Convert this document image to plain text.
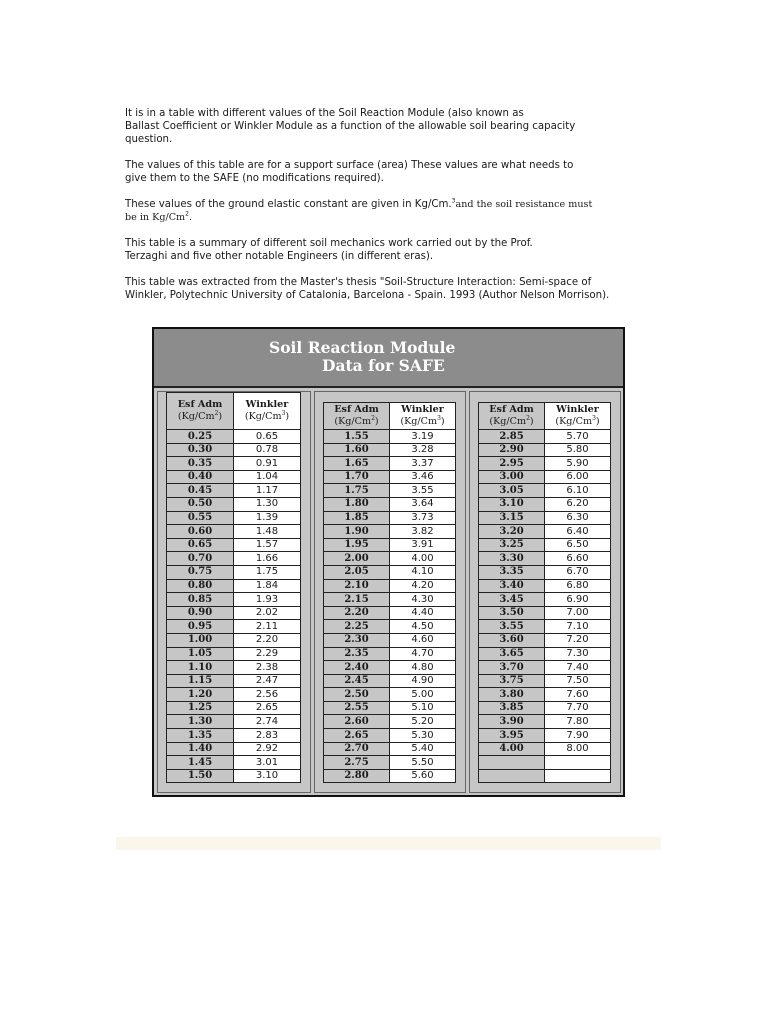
It is in a table with different values of the Soil Reaction Module (also known as
Ballast Coefficient or Winkler Module as a function of the allowable soil bearing capacity
question.

The values of this table are for a support surface (area) These values are what needs to
give them to the SAFE (no modifications required).

These values of the ground elastic constant are given in Kg/Cm.$^3$and the soil resistance must
be in Kg/Cm$^2$.

This table is a summary of different soil mechanics work carried out by the Prof.
Terzaghi and five other notable Engineers (in different eras).

This table was extracted from the Master's thesis "Soil-Structure Interaction: Semi-space of
Winkler, Polytechnic University of Catalonia, Barcelona - Spain. 1993 (Author Nelson Morrison).

Soil Reaction Module
Data for SAFE
Esf Adm
(Kg/Cm$^2$)	Winkler
(Kg/Cm$^3$)

0.25	0.65
0.30	0.78
0.35	0.91
0.40	1.04
0.45	1.17
0.50	1.30
0.55	1.39
0.60	1.48
0.65	1.57
0.70	1.66
0.75	1.75
0.80	1.84
0.85	1.93
0.90	2.02
0.95	2.11
1.00	2.20
1.05	2.29
1.10	2.38
1.15	2.47
1.20	2.56
1.25	2.65
1.30	2.74
1.35	2.83
1.40	2.92
1.45	3.01
1.50	3.10
Esf Adm
(Kg/Cm$^2$)	Winkler
(Kg/Cm$^3$)

1.55	3.19
1.60	3.28
1.65	3.37
1.70	3.46
1.75	3.55
1.80	3.64
1.85	3.73
1.90	3.82
1.95	3.91
2.00	4.00
2.05	4.10
2.10	4.20
2.15	4.30
2.20	4.40
2.25	4.50
2.30	4.60
2.35	4.70
2.40	4.80
2.45	4.90
2.50	5.00
2.55	5.10
2.60	5.20
2.65	5.30
2.70	5.40
2.75	5.50
2.80	5.60
Esf Adm
(Kg/Cm$^2$)	Winkler
(Kg/Cm$^3$)

2.85	5.70
2.90	5.80
2.95	5.90
3.00	6.00
3.05	6.10
3.10	6.20
3.15	6.30
3.20	6.40
3.25	6.50
3.30	6.60
3.35	6.70
3.40	6.80
3.45	6.90
3.50	7.00
3.55	7.10
3.60	7.20
3.65	7.30
3.70	7.40
3.75	7.50
3.80	7.60
3.85	7.70
3.90	7.80
3.95	7.90
4.00	8.00
